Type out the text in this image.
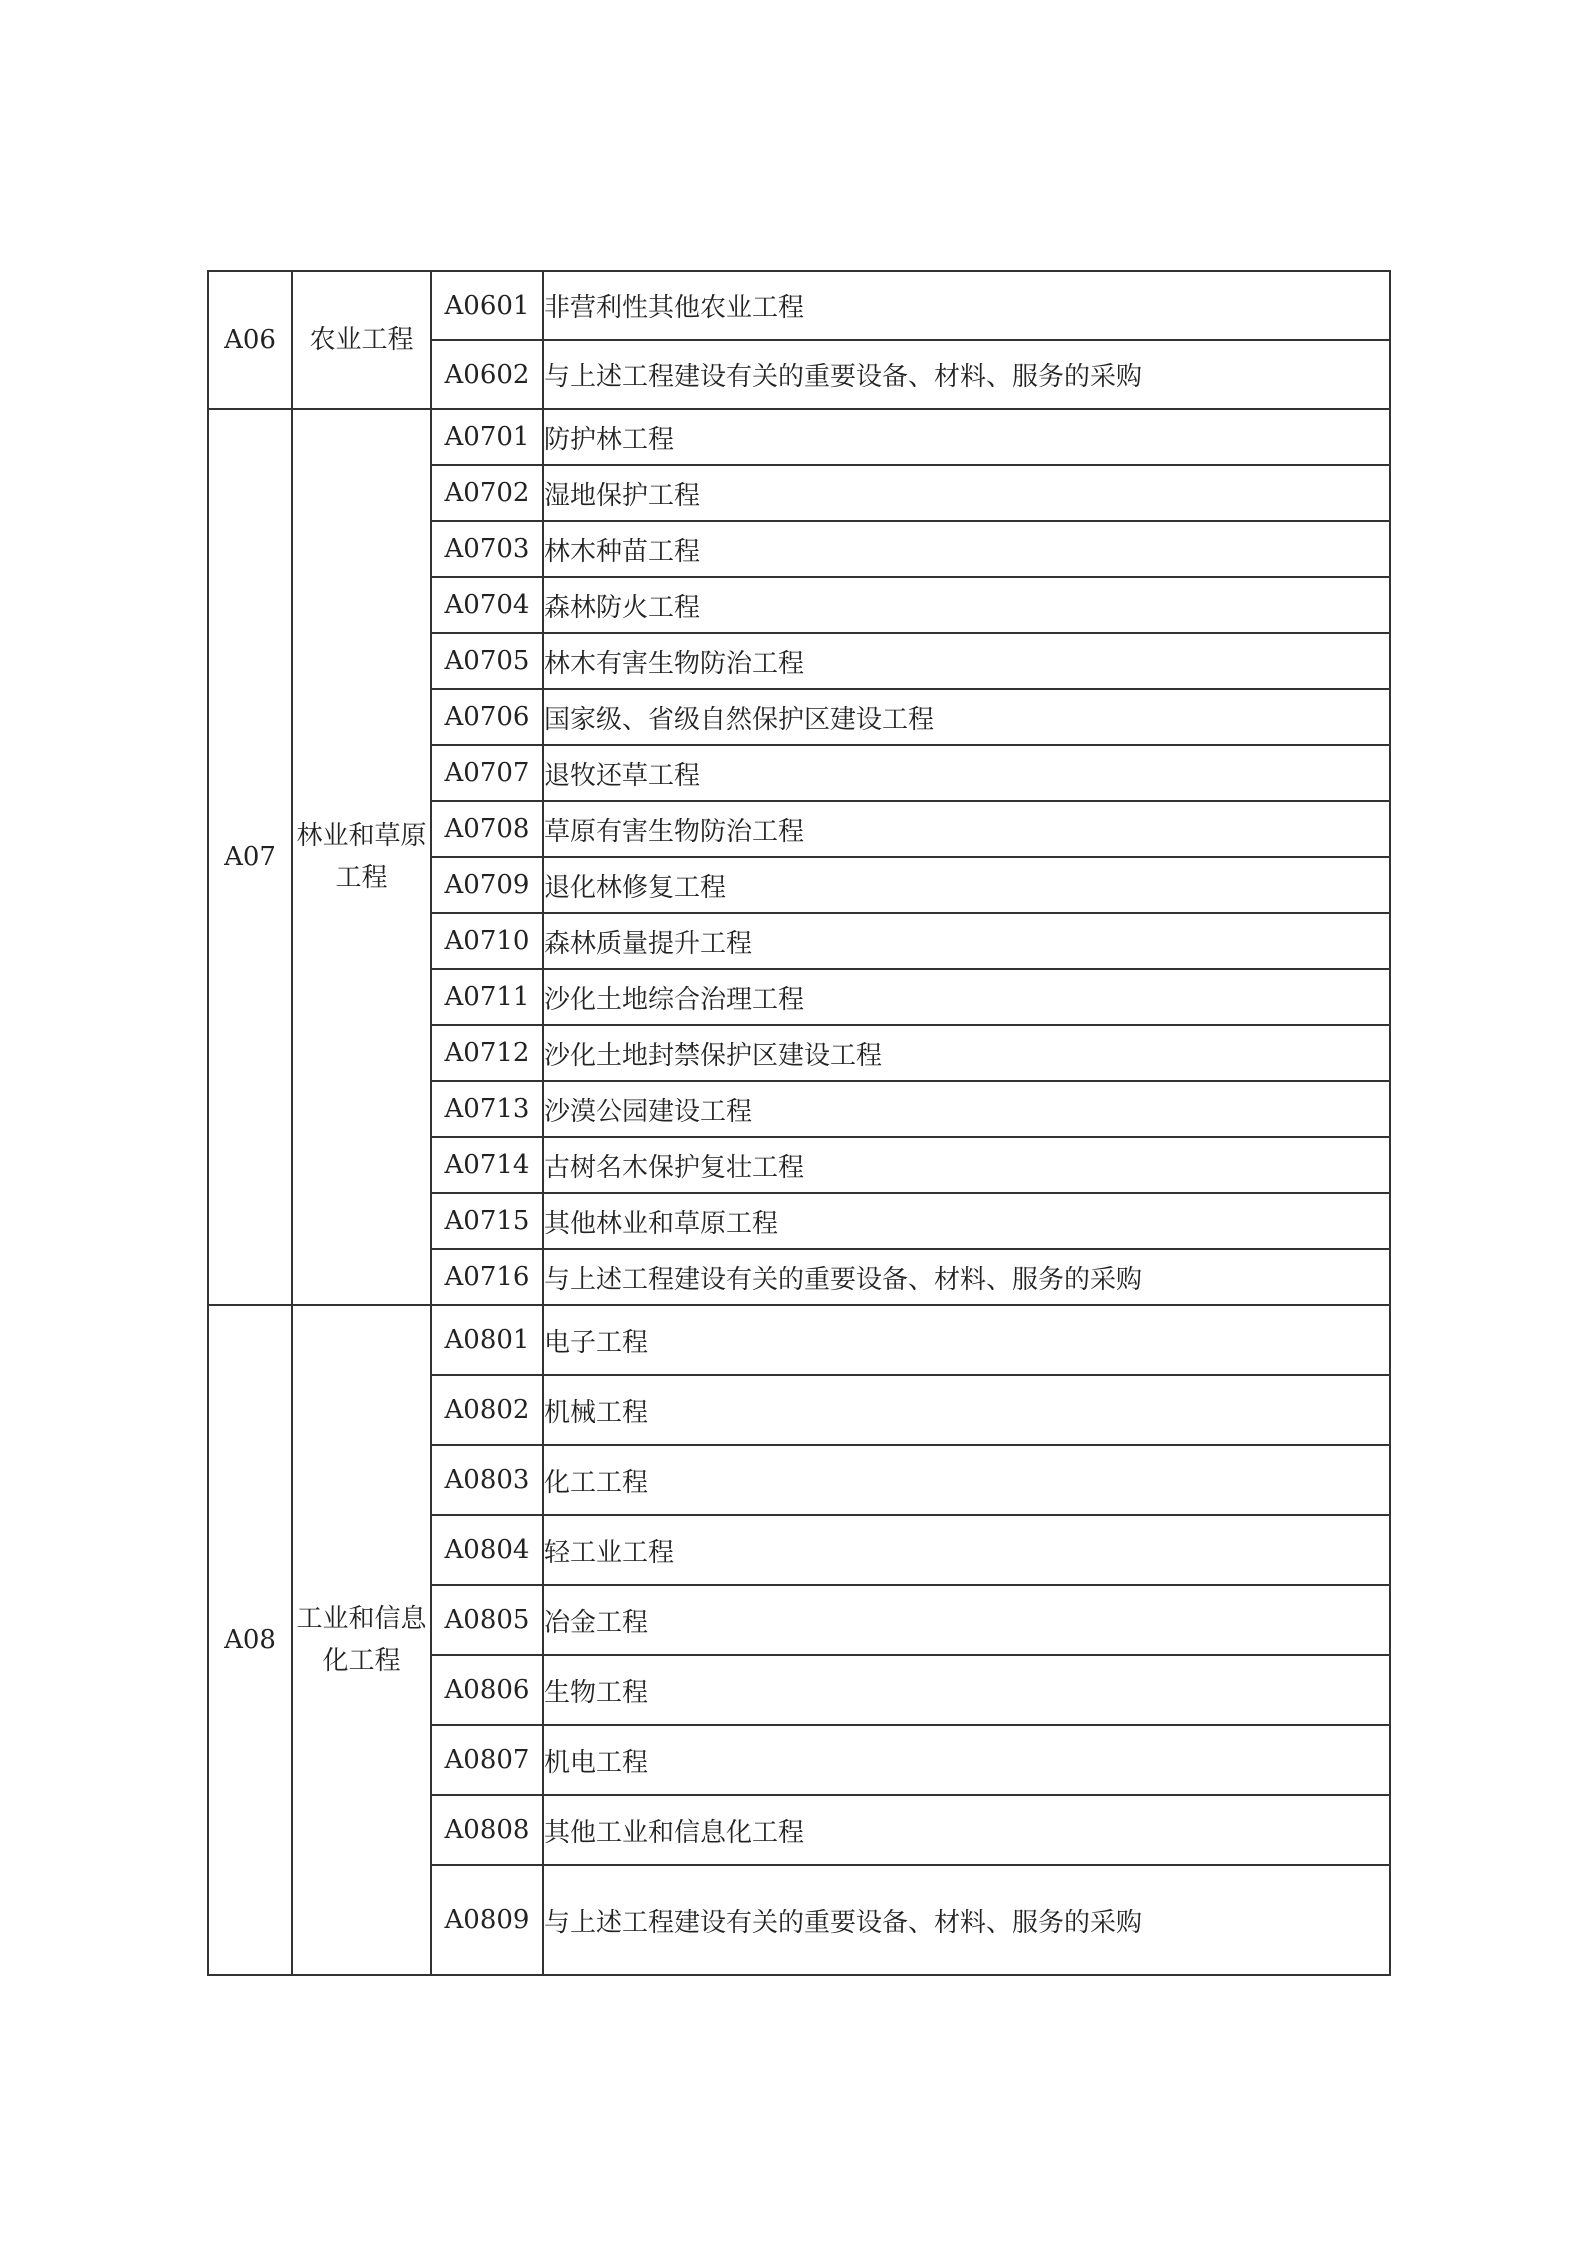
A06	农业工程	A0601	非营利性其他农业工程
		A0602	与上述工程建设有关的重要设备、材料、服务的采购
A07	林业和草原工程	A0701	防护林工程
		A0702	湿地保护工程
		A0703	林木种苗工程
		A0704	森林防火工程
		A0705	林木有害生物防治工程
		A0706	国家级、省级自然保护区建设工程
		A0707	退牧还草工程
		A0708	草原有害生物防治工程
		A0709	退化林修复工程
		A0710	森林质量提升工程
		A0711	沙化土地综合治理工程
		A0712	沙化土地封禁保护区建设工程
		A0713	沙漠公园建设工程
		A0714	古树名木保护复壮工程
		A0715	其他林业和草原工程
		A0716	与上述工程建设有关的重要设备、材料、服务的采购
A08	工业和信息化工程	A0801	电子工程
		A0802	机械工程
		A0803	化工工程
		A0804	轻工业工程
		A0805	冶金工程
		A0806	生物工程
		A0807	机电工程
		A0808	其他工业和信息化工程
		A0809	与上述工程建设有关的重要设备、材料、服务的采购
